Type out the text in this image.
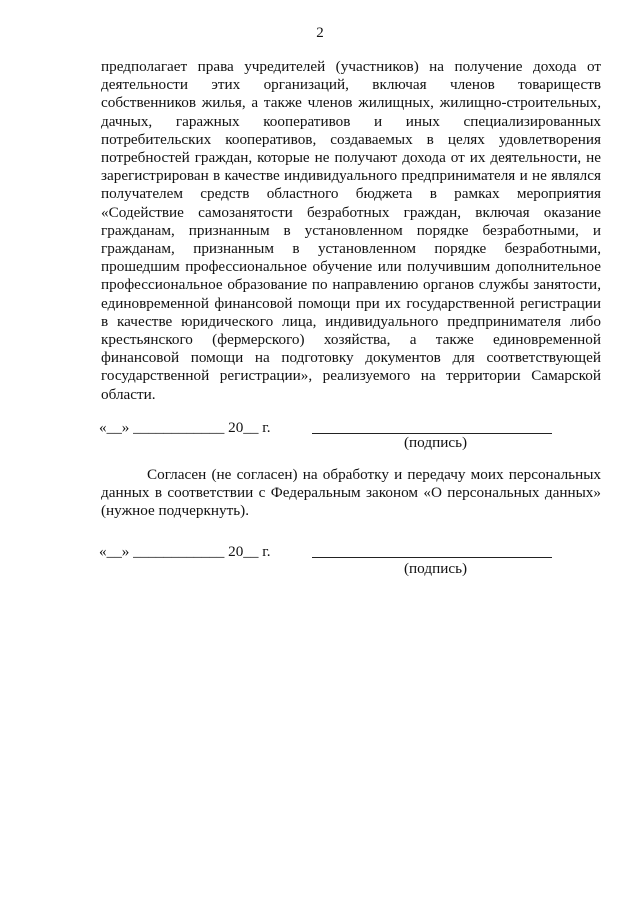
2

предполагает права учредителей (участников) на получение дохода от деятельности этих организаций, включая членов товариществ собственников жилья, а также членов жилищных, жилищно-строительных, дачных, гаражных кооперативов и иных специализированных потребительских кооперативов, создаваемых в целях удовлетворения потребностей граждан, которые не получают дохода от их деятельности, не зарегистрирован в качестве индивидуального предпринимателя и не являлся получателем средств областного бюджета в рамках мероприятия «Содействие самозанятости безработных граждан, включая оказание гражданам, признанным в установленном порядке безработными, и гражданам, признанным в установленном порядке безработными, прошедшим профессиональное обучение или получившим дополнительное профессиональное образование по направлению органов службы занятости, единовременной финансовой помощи при их государственной регистрации в качестве юридического лица, индивидуального предпринимателя либо крестьянского (фермерского) хозяйства, а также единовременной финансовой помощи на подготовку документов для соответствующей государственной регистрации», реализуемого на территории Самарской области.

«__» ____________ 20__ г.
(подпись)

Согласен (не согласен) на обработку и передачу моих персональных данных в соответствии с Федеральным законом «О персональных данных» (нужное подчеркнуть).

«__» ____________ 20__ г.
(подпись)
